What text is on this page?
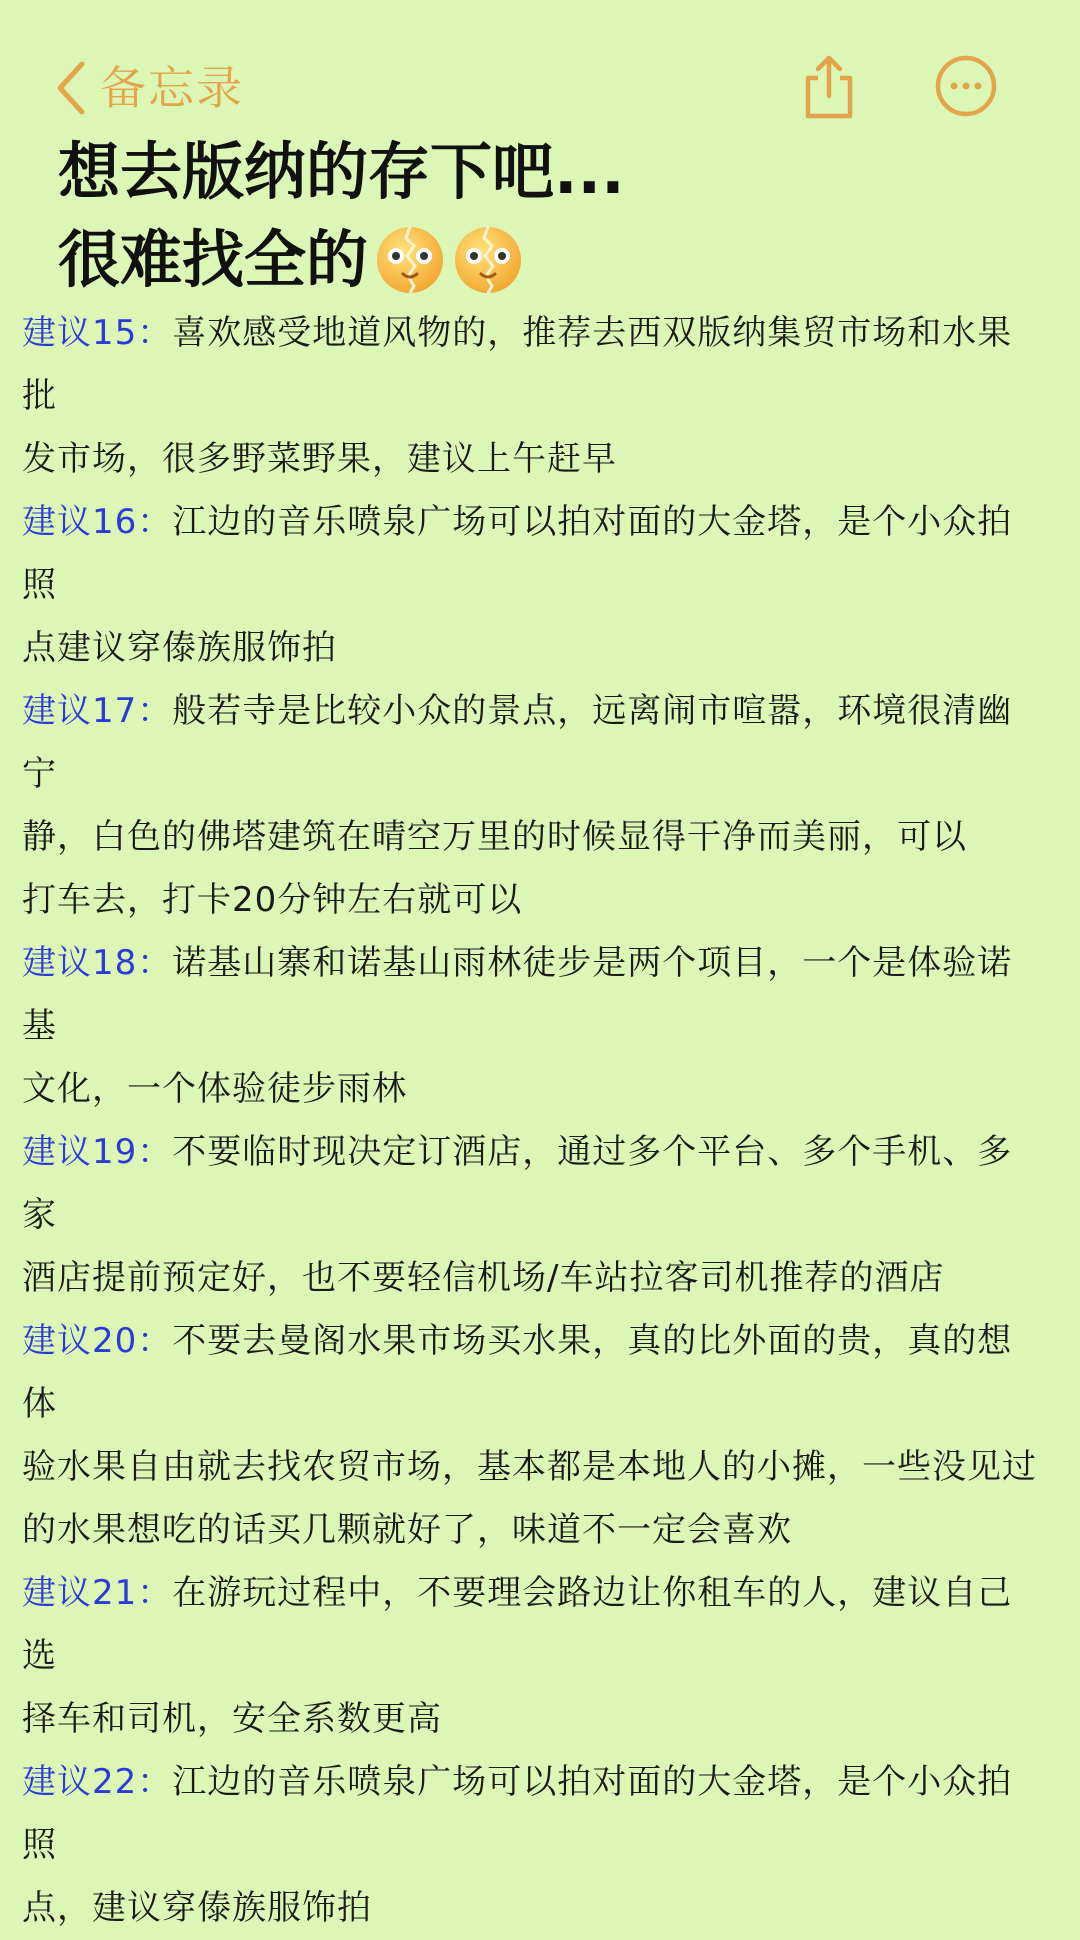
备忘录
想去版纳的存下吧...
很难找全的
建议15：喜欢感受地道风物的，推荐去西双版纳集贸市场和水果批
发市场，很多野菜野果，建议上午赶早
建议16：江边的音乐喷泉广场可以拍对面的大金塔，是个小众拍照
点建议穿傣族服饰拍
建议17：般若寺是比较小众的景点，远离闹市喧嚣，环境很清幽宁
静，白色的佛塔建筑在晴空万里的时候显得干净而美丽，可以
打车去，打卡20分钟左右就可以
建议18：诺基山寨和诺基山雨林徒步是两个项目，一个是体验诺基
文化，一个体验徒步雨林
建议19：不要临时现决定订酒店，通过多个平台、多个手机、多家
酒店提前预定好，也不要轻信机场/车站拉客司机推荐的酒店
建议20：不要去曼阁水果市场买水果，真的比外面的贵，真的想体
验水果自由就去找农贸市场，基本都是本地人的小摊，一些没见过
的水果想吃的话买几颗就好了，味道不一定会喜欢
建议21：在游玩过程中，不要理会路边让你租车的人，建议自己选
择车和司机，安全系数更高
建议22：江边的音乐喷泉广场可以拍对面的大金塔，是个小众拍照
点，建议穿傣族服饰拍
